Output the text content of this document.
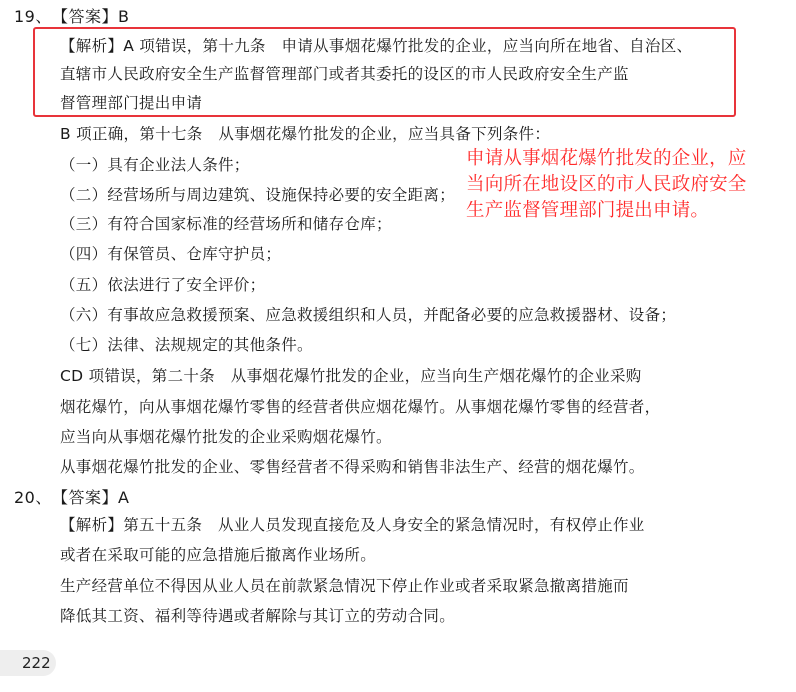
19、 【答案】B
【解析】A 项错误，第十九条　申请从事烟花爆竹批发的企业，应当向所在地省、自治区、
直辖市人民政府安全生产监督管理部门或者其委托的设区的市人民政府安全生产监
督管理部门提出申请
B 项正确，第十七条　从事烟花爆竹批发的企业，应当具备下列条件：
（一）具有企业法人条件；
（二）经营场所与周边建筑、设施保持必要的安全距离；
（三）有符合国家标准的经营场所和储存仓库；
（四）有保管员、仓库守护员；
（五）依法进行了安全评价；
（六）有事故应急救援预案、应急救援组织和人员，并配备必要的应急救援器材、设备；
（七）法律、法规规定的其他条件。
CD 项错误，第二十条　从事烟花爆竹批发的企业，应当向生产烟花爆竹的企业采购
烟花爆竹，向从事烟花爆竹零售的经营者供应烟花爆竹。从事烟花爆竹零售的经营者，
应当向从事烟花爆竹批发的企业采购烟花爆竹。
从事烟花爆竹批发的企业、零售经营者不得采购和销售非法生产、经营的烟花爆竹。
申请从事烟花爆竹批发的企业，应
当向所在地设区的市人民政府安全
生产监督管理部门提出申请。
20、 【答案】A
【解析】第五十五条　从业人员发现直接危及人身安全的紧急情况时，有权停止作业
或者在采取可能的应急措施后撤离作业场所。
生产经营单位不得因从业人员在前款紧急情况下停止作业或者采取紧急撤离措施而
降低其工资、福利等待遇或者解除与其订立的劳动合同。
222
